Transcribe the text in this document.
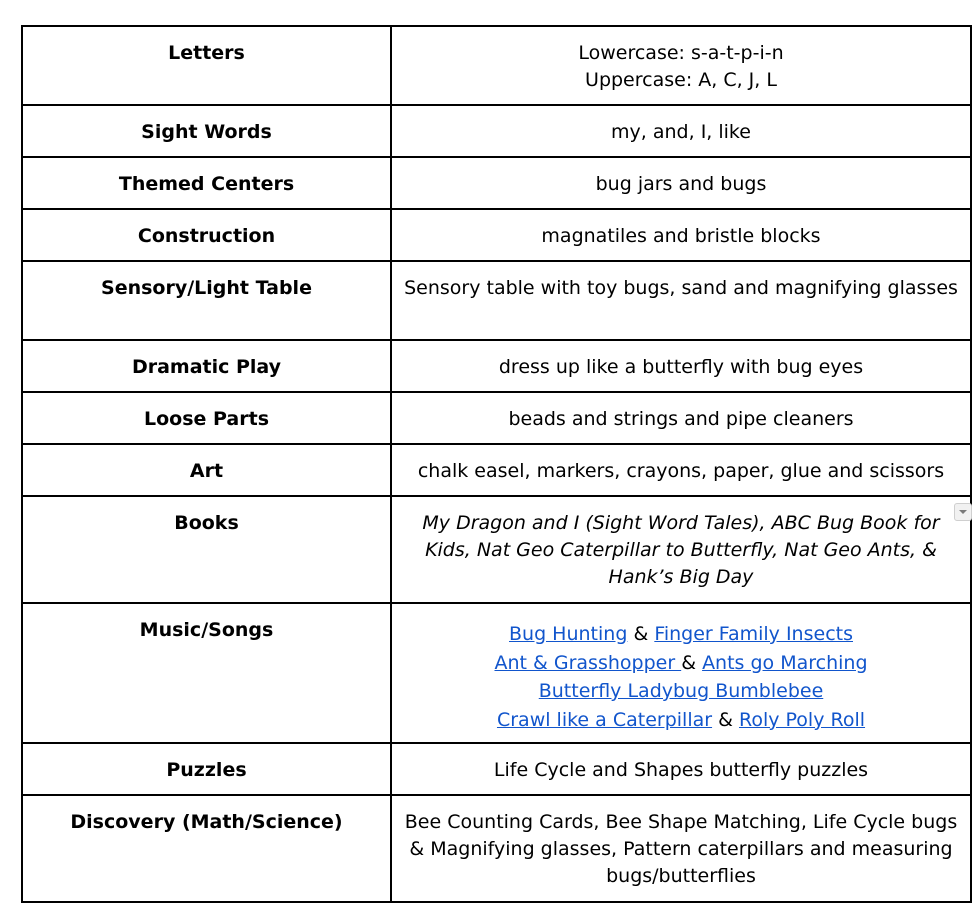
Letters	Lowercase: s-a-t-p-i-n
Uppercase: A, C, J, L

Sight Words	my, and, I, like
Themed Centers	bug jars and bugs
Construction	magnatiles and bristle blocks
Sensory/Light Table	Sensory table with toy bugs, sand and magnifying glasses
Dramatic Play	dress up like a butterfly with bug eyes
Loose Parts	beads and strings and pipe cleaners
Art	chalk easel, markers, crayons, paper, glue and scissors
Books	My Dragon and I (Sight Word Tales), ABC Bug Book for Kids, Nat Geo Caterpillar to Butterfly, Nat Geo Ants, & Hank’s Big Day

Music/Songs	Bug Hunting & Finger Family Insects
Ant & Grasshopper & Ants go Marching
Butterfly Ladybug Bumblebee
Crawl like a Caterpillar & Roly Poly Roll

Puzzles	Life Cycle and Shapes butterfly puzzles
Discovery (Math/Science)	Bee Counting Cards, Bee Shape Matching, Life Cycle bugs & Magnifying glasses, Pattern caterpillars and measuring bugs/butterflies
